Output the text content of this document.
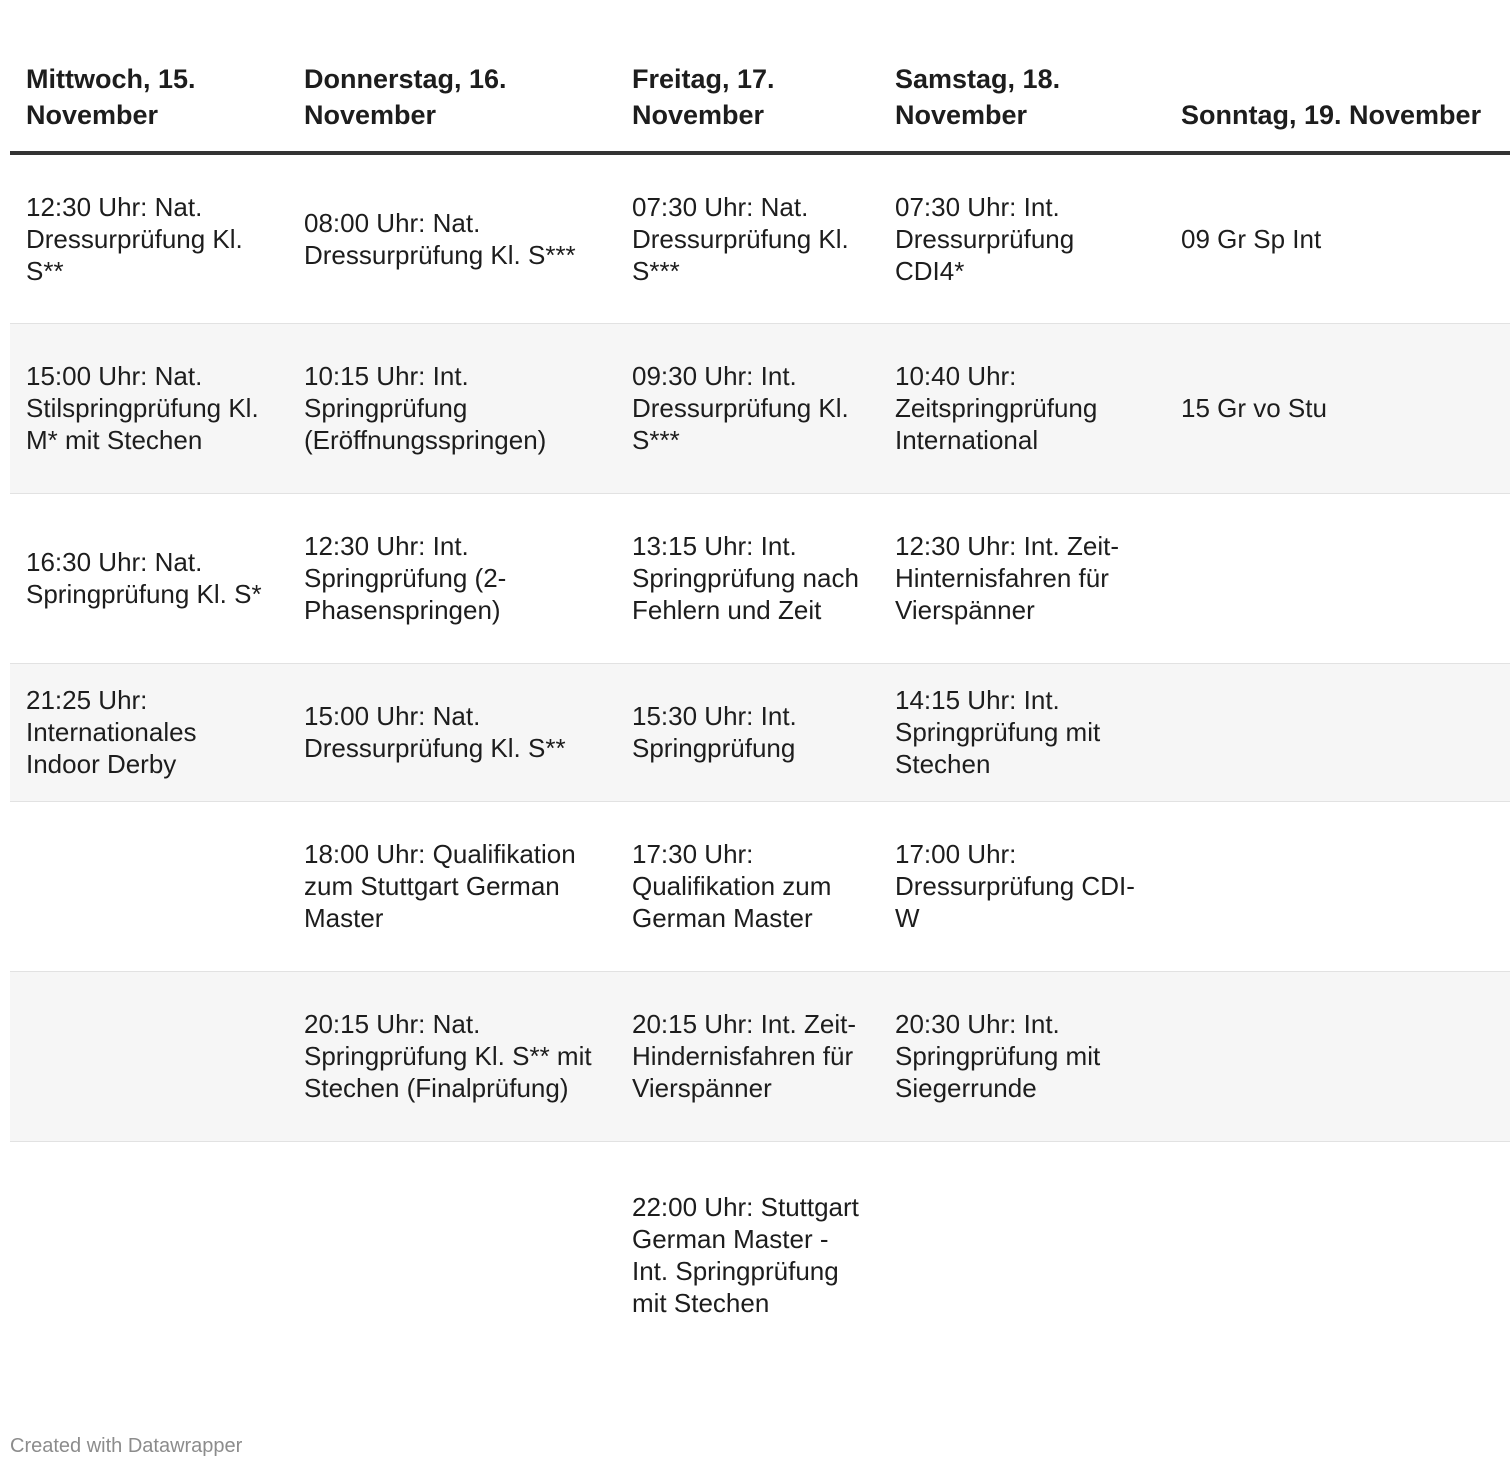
Mittwoch, 15. November	Donnerstag, 16. November	Freitag, 17. November	Samstag, 18. November	Sonntag, 19. November
12:30 Uhr: Nat. Dressurprüfung Kl. S**	08:00 Uhr: Nat. Dressurprüfung Kl. S***	07:30 Uhr: Nat. Dressurprüfung Kl. S***	07:30 Uhr: Int. Dressurprüfung CDI4*	09 Gr Sp Int
15:00 Uhr: Nat. Stilspringprüfung Kl. M* mit Stechen	10:15 Uhr: Int. Springprüfung (Eröffnungsspringen)	09:30 Uhr: Int. Dressurprüfung Kl. S***	10:40 Uhr: Zeitspringprüfung International	15 Gr vo Stu
16:30 Uhr: Nat. Springprüfung Kl. S*	12:30 Uhr: Int. Springprüfung (2-Phasenspringen)	13:15 Uhr: Int. Springprüfung nach Fehlern und Zeit	12:30 Uhr: Int. Zeit-Hinternisfahren für Vierspänner	
21:25 Uhr: Internationales Indoor Derby	15:00 Uhr: Nat. Dressurprüfung Kl. S**	15:30 Uhr: Int. Springprüfung	14:15 Uhr: Int. Springprüfung mit Stechen	
	18:00 Uhr: Qualifikation zum Stuttgart German Master	17:30 Uhr: Qualifikation zum German Master	17:00 Uhr: Dressurprüfung CDI-W	
	20:15 Uhr: Nat. Springprüfung Kl. S** mit Stechen (Finalprüfung)	20:15 Uhr: Int. Zeit-Hindernisfahren für Vierspänner	20:30 Uhr: Int. Springprüfung mit Siegerrunde	
		22:00 Uhr: Stuttgart German Master - Int. Springprüfung mit Stechen		
Created with Datawrapper
